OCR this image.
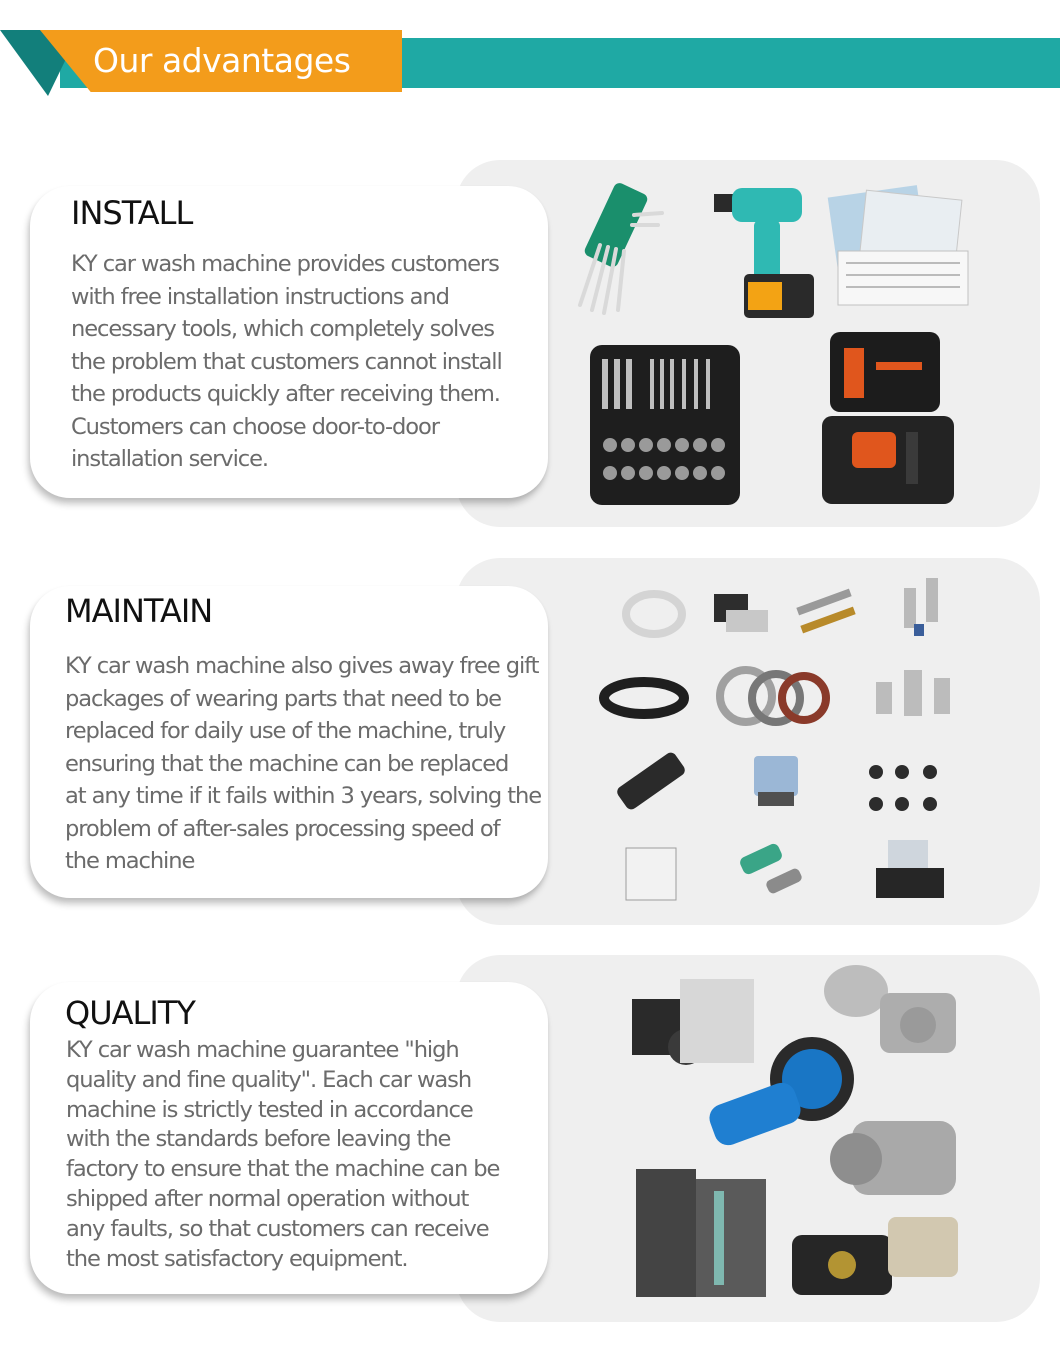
Our advantages
INSTALL
KY car wash machine provides customers
with free installation instructions and
necessary tools, which completely solves
the problem that customers cannot install
the products quickly after receiving them.
Customers can choose door-to-door
installation service.
MAINTAIN
KY car wash machine also gives away free gift
packages of wearing parts that need to be
replaced for daily use of the machine, truly
ensuring that the machine can be replaced
at any time if it fails within 3 years, solving the
problem of after-sales processing speed of
the machine
QUALITY
KY car wash machine guarantee "high
quality and fine quality". Each car wash
machine is strictly tested in accordance
with the standards before leaving the
factory to ensure that the machine can be
shipped after normal operation without
any faults, so that customers can receive
the most satisfactory equipment.
